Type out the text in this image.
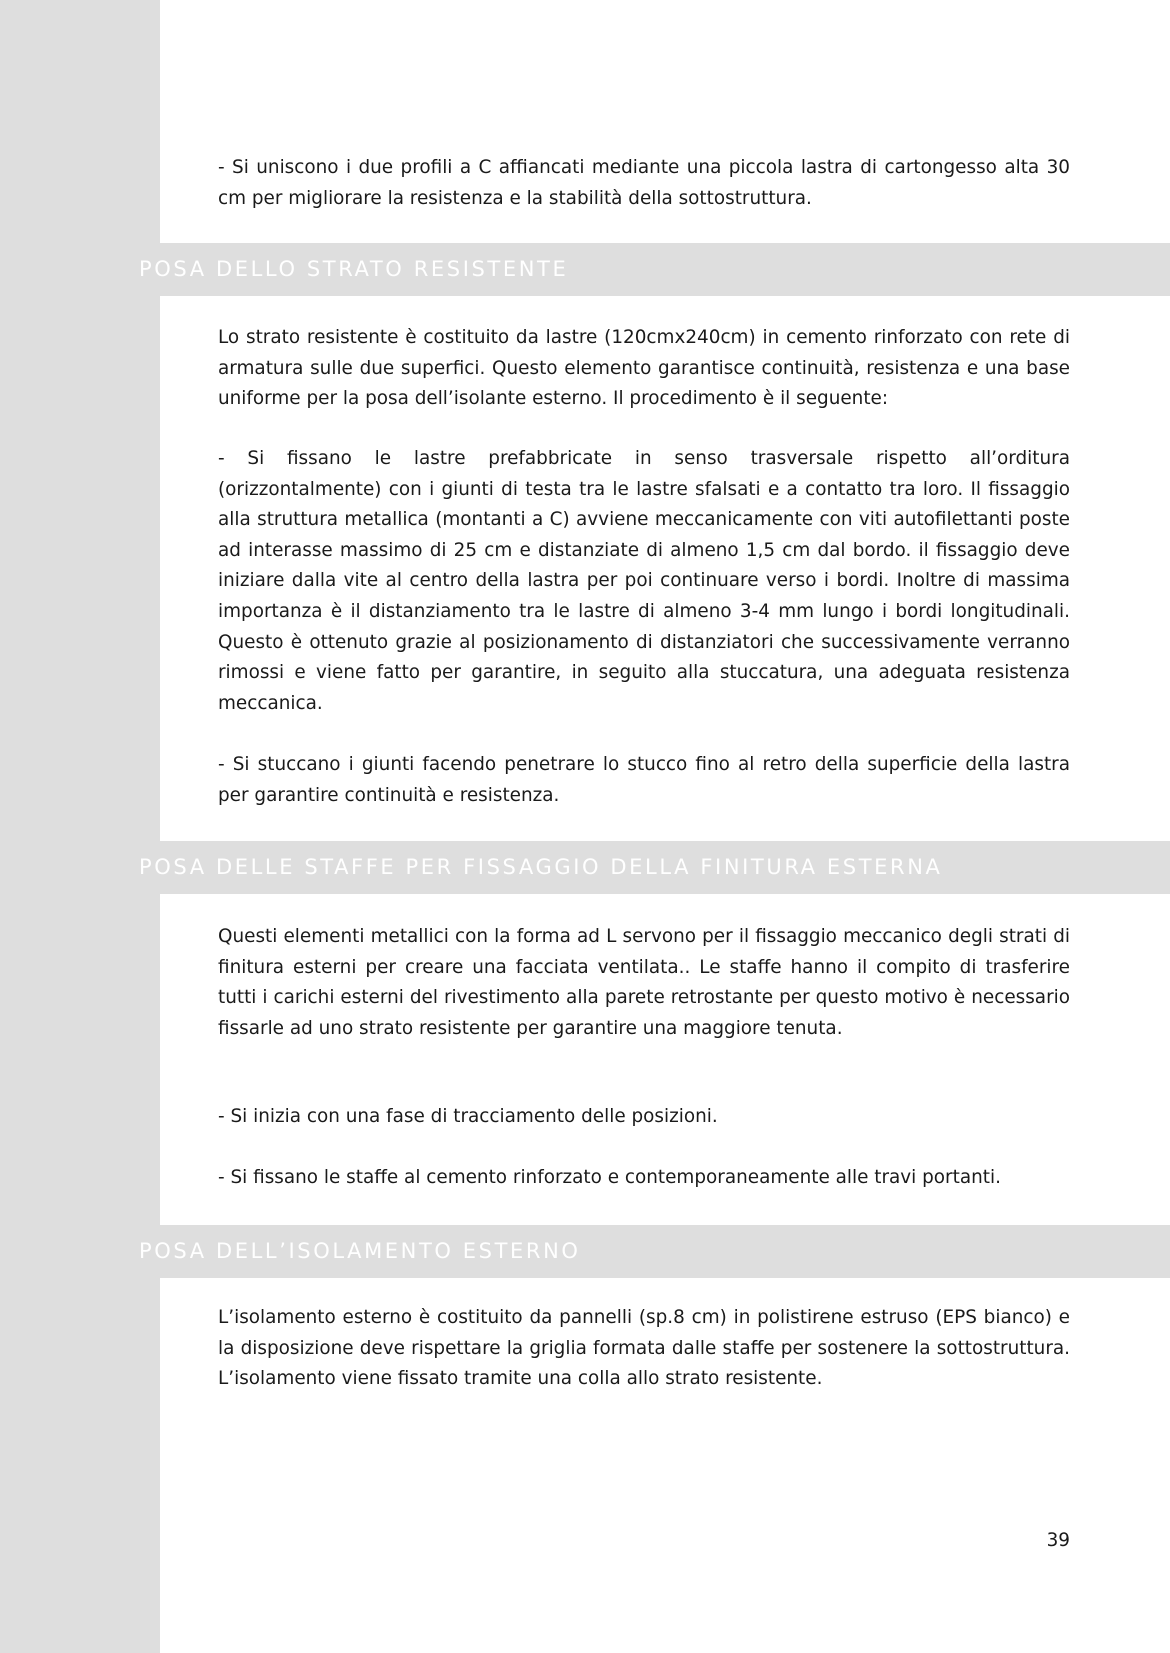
- Si uniscono i due profili a C affiancati mediante una piccola lastra di cartongesso alta 30 cm per migliorare la resistenza e la stabilità della sottostruttura.

POSA DELLO STRATO RESISTENTE

Lo strato resistente è costituito da lastre (120cmx240cm) in cemento rinforzato con rete di armatura sulle due superfici. Questo elemento garantisce continuità, resistenza e una base uniforme per la posa dell’isolante esterno. Il procedimento è il seguente:

- Si fissano le lastre prefabbricate in senso trasversale rispetto all’orditura (orizzontalmente) con i giunti di testa tra le lastre sfalsati e a contatto tra loro. Il fissaggio alla struttura metallica (montanti a C) avviene meccanicamente con viti autofilettanti poste ad interasse massimo di 25 cm e distanziate di almeno 1,5 cm dal bordo. il fissaggio deve iniziare dalla vite al centro della lastra per poi continuare verso i bordi. Inoltre di massima importanza è il distanziamento tra le lastre di almeno 3-4 mm lungo i bordi longitudinali. Questo è ottenuto grazie al posizionamento di distanziatori che successivamente verranno rimossi e viene fatto per garantire, in seguito alla stuccatura, una adeguata resistenza meccanica.

- Si stuccano i giunti facendo penetrare lo stucco fino al retro della superficie della lastra per garantire continuità e resistenza.

POSA DELLE STAFFE PER FISSAGGIO DELLA FINITURA ESTERNA

Questi elementi metallici con la forma ad L servono per il fissaggio meccanico degli strati di finitura esterni per creare una facciata ventilata.. Le staffe hanno il compito di trasferire tutti i carichi esterni del rivestimento alla parete retrostante per questo motivo è necessario fissarle ad uno strato resistente per garantire una maggiore tenuta.

- Si inizia con una fase di tracciamento delle posizioni.

- Si fissano le staffe al cemento rinforzato e contemporaneamente alle travi portanti.

POSA DELL’ISOLAMENTO ESTERNO

L’isolamento esterno è costituito da pannelli (sp.8 cm) in polistirene estruso (EPS bianco) e la disposizione deve rispettare la griglia formata dalle staffe per sostenere la sottostruttura. L’isolamento viene fissato tramite una colla allo strato resistente.

39
